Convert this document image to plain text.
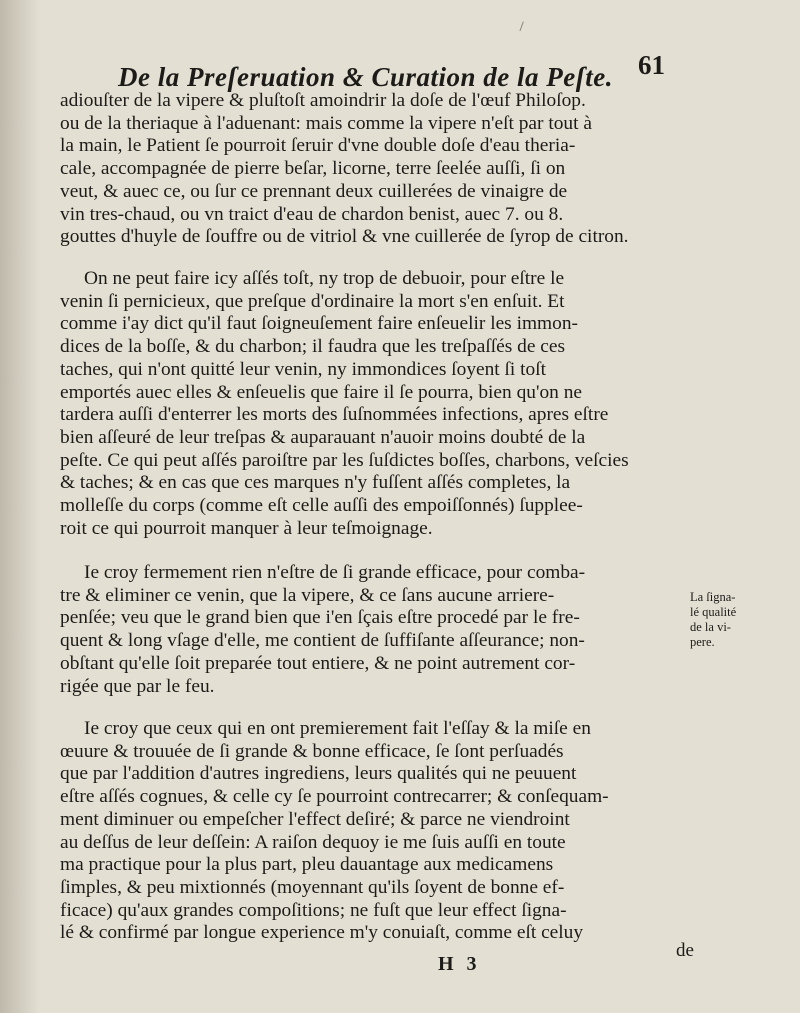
De la Preſeruation & Curation de la Peſte. 61
adiouſter de la vipere & pluſtoſt amoindrir la doſe de l'œuf Philoſop.
ou de la theriaque à l'aduenant: mais comme la vipere n'eſt par tout à
la main, le Patient ſe pourroit ſeruir d'vne double doſe d'eau theria-
cale, accompagnée de pierre beſar, licorne, terre ſeelée auſſi, ſi on
veut, & auec ce, ou ſur ce prennant deux cuillerées de vinaigre de
vin tres-chaud, ou vn traict d'eau de chardon benist, auec 7. ou 8.
gouttes d'huyle de ſouffre ou de vitriol & vne cuillerée de ſyrop de citron.
On ne peut faire icy aſſés toſt, ny trop de debuoir, pour eſtre le
venin ſi pernicieux, que preſque d'ordinaire la mort s'en enſuit. Et
comme i'ay dict qu'il faut ſoigneuſement faire enſeuelir les immon-
dices de la boſſe, & du charbon; il faudra que les treſpaſſés de ces
taches, qui n'ont quitté leur venin, ny immondices ſoyent ſi toſt
emportés auec elles & enſeuelis que faire il ſe pourra, bien qu'on ne
tardera auſſi d'enterrer les morts des ſuſnommées infections, apres eſtre
bien aſſeuré de leur treſpas & auparauant n'auoir moins doubté de la
peſte. Ce qui peut aſſés paroiſtre par les ſuſdictes boſſes, charbons, veſcies
& taches; & en cas que ces marques n'y fuſſent aſſés completes, la
molleſſe du corps (comme eſt celle auſſi des empoiſſonnés) ſupplee-
roit ce qui pourroit manquer à leur teſmoignage.
Ie croy fermement rien n'eſtre de ſi grande efficace, pour comba-
tre & eliminer ce venin, que la vipere, & ce ſans aucune arriere-
penſée; veu que le grand bien que i'en ſçais eſtre procedé par le fre-
quent & long vſage d'elle, me contient de ſuffiſante aſſeurance; non-
obſtant qu'elle ſoit preparée tout entiere, & ne point autrement cor-
rigée que par le feu.
La ſigna-
lé qualité
de la vi-
pere.
Ie croy que ceux qui en ont premierement fait l'eſſay & la miſe en
œuure & trouuée de ſi grande & bonne efficace, ſe ſont perſuadés
que par l'addition d'autres ingrediens, leurs qualités qui ne peuuent
eſtre aſſés cognues, & celle cy ſe pourroint contrecarrer; & conſequam-
ment diminuer ou empeſcher l'effect deſiré; & parce ne viendroint
au deſſus de leur deſſein: A raiſon dequoy ie me ſuis auſſi en toute
ma practique pour la plus part, pleu dauantage aux medicamens
ſimples, & peu mixtionnés (moyennant qu'ils ſoyent de bonne ef-
ficace) qu'aux grandes compoſitions; ne fuſt que leur effect ſigna-
lé & confirmé par longue experience m'y conuiaſt, comme eſt celuy
H 3
de
